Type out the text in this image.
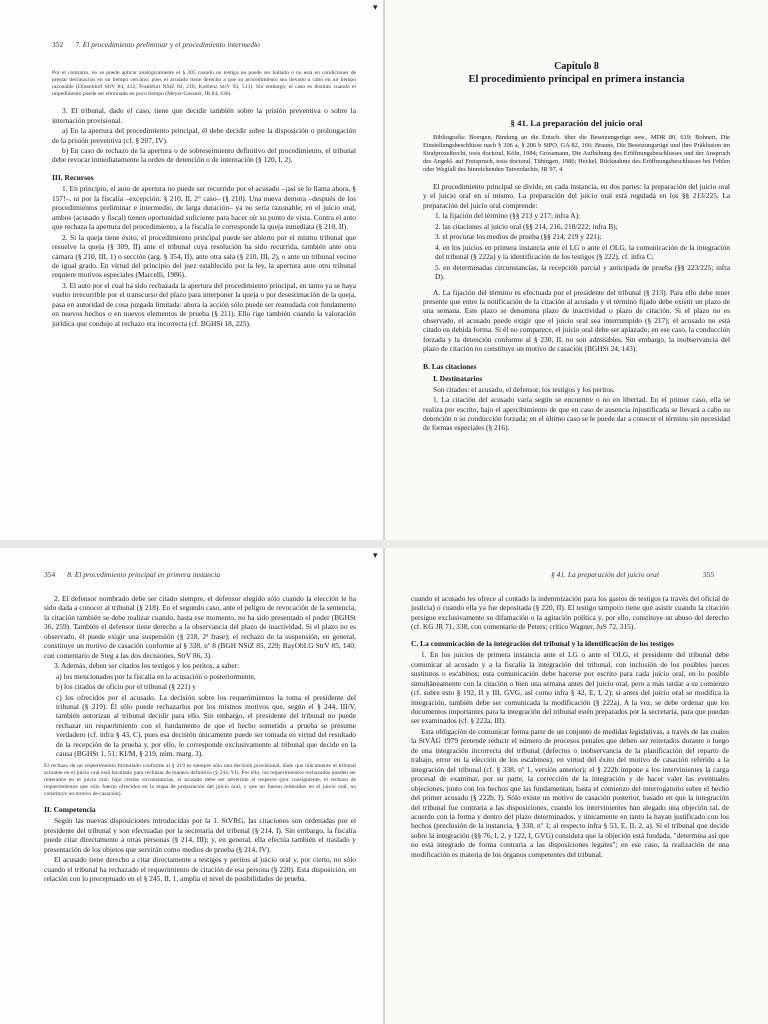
352 7. El procedimiento preliminar y el procedimiento intermedio

Por el contrario, no se puede aplicar analógicamente el § 205 cuando un testigo no puede ser hallado o no está en condiciones de prestar declaración en un tiempo cercano; pues el acusado tiene derecho a que su procedimiento sea llevado a cabo en un tiempo razonable (Düsseldorf StrV 84, 412; Frankfurt NStZ 82, 218; Koblenz StrV 93, 513). Sin embargo, el caso es distinto cuando el impedimento puede ser eliminado en poco tiempo (Meyer-Gossner, JR 84, 436).

3. El tribunal, dado el caso, tiene que decidir también sobre la prisión preventiva o sobre la internación provisional.

a) En la apertura del procedimiento principal, él debe decidir sobre la disposición o prolongación de la prisión preventiva (cf. § 207, IV).

b) En caso de rechazo de la apertura o de sobreseimiento definitivo del procedimiento, el tribunal debe revocar inmediatamente la orden de detención o de internación (§ 120, I, 2).

III. Recursos

1. En principio, el auto de apertura no puede ser recurrido por el acusado –¡así se lo llama ahora, § 157!–, ni por la fiscalía –excepción: § 210, II, 2° caso– (§ 210). Una nueva demora –después de los procedimientos preliminar e intermedio, de larga duración– ya no sería razonable; en el juicio oral, ambos (acusado y fiscal) tienen oportunidad suficiente para hacer oír su punto de vista. Contra el auto que rechaza la apertura del procedimiento, a la fiscalía le corresponde la queja inmediata (§ 210, II).

2. Si la queja tiene éxito, el procedimiento principal puede ser abierto por el mismo tribunal que resuelve la queja (§ 309, II) ante el tribunal cuya resolución ha sido recurrida, también ante otra cámara (§ 210, III, 1) o sección (arg. § 354, II), ante otra sala (§ 210, III, 2), o ante un tribunal vecino de igual grado. En virtud del principio del juez establecido por la ley, la apertura ante otro tribunal requiere motivos especiales (Marcelli, 1986).

3. El auto por el cual ha sido rechazada la apertura del procedimiento principal, en tanto ya se haya vuelto irrecurrible por el transcurso del plazo para interponer la queja o por desestimación de la queja, pasa en autoridad de cosa juzgada limitada: ahora la acción sólo puede ser reanudada con fundamento en nuevos hechos o en nuevos elementos de prueba (§ 211). Ello rige también cuando la valoración jurídica que condujo al rechazo era incorrecta (cf. BGHSt 18, 225).

▾
Capítulo 8
El procedimiento principal en primera instancia
§ 41. La preparación del juicio oral

Bibliografía: Boergen, Bindung an die Entsch. über die Besetzungsrüge usw., MDR 80, 619; Bohnert, Die Einstellungsbeschlüsse nach § 206 a, § 206 b StPO, GA 82, 166; Brauns, Die Besetzungsrüge und ihre Präklusion im Strafprozeßrecht, tesis doctoral, Köln, 1984; Grossmann, Die Aufhebung des Eröffnungsbeschlusses und der Anspruch des Angekl. auf Freispruch, tesis doctoral, Tübingen, 1986; Heckel, Rücknahme des Eröffnungsbeschlusses bei Fehlen oder Wegfall des hinreichenden Tatverdachts, JR 97, 4.

El procedimiento principal se divide, en cada instancia, en dos partes: la preparación del juicio oral y el juicio oral en sí mismo. La preparación del juicio oral está regulada en los §§ 213/225. La preparación del juicio oral comprende:

1. la fijación del término (§§ 213 y 217; infra A);

2. las citaciones al juicio oral (§§ 214, 216, 218/222; infra B);

3. el procurar los medios de prueba (§§ 214, 219 y 221);

4. en los juicios en primera instancia ante el LG o ante el OLG, la comunicación de la integración del tribunal (§ 222a) y la identificación de los testigos (§ 222), cf. infra C;

5. en determinadas circunstancias, la recepción parcial y anticipada de prueba (§§ 223/225; infra D).

A. La fijación del término es efectuada por el presidente del tribunal (§ 213). Para ello debe tener presente que entre la notificación de la citación al acusado y el término fijado debe existir un plazo de una semana. Este plazo se denomina plazo de inactividad o plazo de citación. Si el plazo no es observado, el acusado puede exigir que el juicio oral sea interrumpido (§ 217); el acusado no está citado en debida forma. Si él no comparece, el juicio oral debe ser aplazado; en ese caso, la conducción forzada y la detención conforme al § 230, II, no son admisibles. Sin embargo, la inobservancia del plazo de citación no constituye un motivo de casación (BGHSt 24, 143).

B. Las citaciones
I. Destinatarios

Son citados: el acusado, el defensor, los testigos y los peritos.

1. La citación del acusado varía según se encuentre o no en libertad. En el primer caso, ella se realiza por escrito, bajo el apercibimiento de que en caso de ausencia injustificada se llevará a cabo su detención o su conducción forzada; en el último caso se le puede dar a conocer el término sin necesidad de formas especiales (§ 216).

354 8. El procedimiento principal en primera instancia

2. El defensor nombrado debe ser citado siempre, el defensor elegido sólo cuando la elección le ha sido dada a conocer al tribunal (§ 218). En el segundo caso, ante el peligro de revocación de la sentencia, la citación también se debe realizar cuando, hasta ese momento, no ha sido presentado el poder (BGHSt 36, 259). También el defensor tiene derecho a la observancia del plazo de inactividad. Si el plazo no es observado, él puede exigir una suspensión (§ 218, 2ª frase); el rechazo de la suspensión, en general, constituye un motivo de casación conforme al § 338, nº 8 (BGH NStZ 85, 229; BayObLG StrV 85, 140; con comentario de Steg a las dos decisiones, StrV 86, 3).

3. Además, deben ser citados los testigos y los peritos, a saber:

a) los mencionados por la fiscalía en la acusación o posteriormente,

b) los citados de oficio por el tribunal (§ 221) y

c) los ofrecidos por el acusado. La decisión sobre los requerimientos la toma el presidente del tribunal (§ 219). Él sólo puede rechazarlos por los mismos motivos que, según el § 244, III/V, también autorizan al tribunal decidir para ello. Sin embargo, el presidente del tribunal no puede rechazar un requerimiento con el fundamento de que el hecho sometido a prueba se presume verdadero (cf. infra § 43, C), pues esa decisión únicamente puede ser tomada en virtud del resultado de la recepción de la prueba y, por ello, le corresponde exclusivamente al tribunal que decide en la causa (BGHSt 1, 51; KI/M, § 219, núm. marg. 3).

El rechazo de un requerimiento formulado conforme al § 219 es siempre sólo una decisión provisional, dado que únicamente el tribunal actuante en el juicio oral está facultado para rechazar de manera definitiva (§ 244, VI). Por ello, los requerimientos rechazados pueden ser reiterados en el juicio oral; bajo ciertas circunstancias, el acusado debe ser advertido al respecto (por consiguiente, el rechazo de requerimientos que sólo fueron ofrecidos en la etapa de preparación del juicio oral, y que no fueron reiterados en el juicio oral, no constituye un motivo de casación).

II. Competencia

Según las nuevas disposiciones introducidas por la 1. StVRG, las citaciones son ordenadas por el presidente del tribunal y son efectuadas por la secretaría del tribunal (§ 214, I). Sin embargo, la fiscalía puede citar directamente a otras personas (§ 214, III); y, en general, ella efectúa también el traslado y presentación de los objetos que servirán como medios de prueba (§ 214, IV).

El acusado tiene derecho a citar directamente a testigos y peritos al juicio oral y, por cierto, no sólo cuando el tribunal ha rechazado el requerimiento de citación de esa persona (§ 220). Esta disposición, en relación con lo preceptuado en el § 245, II, 1, amplía el nivel de posibilidades de prueba.

▾
§ 41. La preparación del juicio oral	355

cuando el acusado les ofrece al contado la indemnización para los gastos de testigos (a través del oficial de justicia) o cuando ella ya fue depositada (§ 220, II). El testigo tampoco tiene que asistir cuando la citación persigue exclusivamente su difamación o la agitación política y, por ello, constituye un abuso del derecho (cf. KG JR 71, 338, con comentario de Peters; crítico Wagner, JuS 72, 315).

C. La comunicación de la integración del tribunal y la identificación de los testigos

1. En los juicios de primera instancia ante el LG o ante el OLG, el presidente del tribunal debe comunicar al acusado y a la fiscalía la integración del tribunal, con inclusión de los posibles jueces sustitutos o escabinos; esta comunicación debe hacerse por escrito para cada juicio oral, en lo posible simultáneamente con la citación o bien una semana antes del juicio oral, pero a más tardar a su comienzo (cf. sobre esto § 192, II y III, GVG, así como infra § 42, E, I, 2); si antes del juicio oral se modifica la integración, también debe ser comunicada la modificación (§ 222a). A la vez, se debe ordenar que los documentos importantes para la integración del tribunal estén preparados por la secretaría, para que puedan ser examinados (cf. § 222a, III).

Esta obligación de comunicar forma parte de un conjunto de medidas legislativas, a través de las cuales la StVÄG 1979 pretende reducir el número de procesos penales que deben ser reiterados durante o luego de una integración incorrecta del tribunal (defectos o inobservancia de la planificación del reparto de trabajo, error en la elección de los escabinos), en virtud del éxito del motivo de casación referido a la integración del tribunal (cf. § 338, nº 1, versión anterior); el § 222b impone a los intervinientes la carga procesal de examinar, por su parte, la corrección de la integración y de hacer valer las eventuales objeciones, junto con los hechos que las fundamentan, hasta el comienzo del interrogatorio sobre el hecho del primer acusado (§ 222b, I). Sólo existe un motivo de casación posterior, basado en que la integración del tribunal fue contraria a las disposiciones, cuando los intervinientes han alegado una objeción tal, de acuerdo con la forma y dentro del plazo determinados, y únicamente en tanto la hayan justificado con los hechos (preclusión de la instancia, § 338, nº 1; al respecto infra § 53, E, II, 2, a). Si el tribunal que decide sobre la integración (§§ 76, I, 2, y 122, I, GVG) considera que la objeción está fundada, "determina así que no está integrado de forma contraria a las disposiciones legales"; en ese caso, la realización de una modificación es materia de los órganos competentes del tribunal.
